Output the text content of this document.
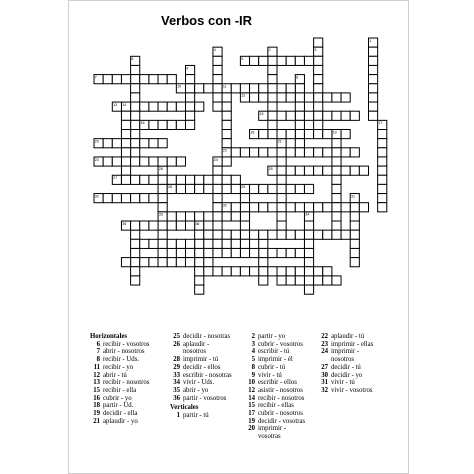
Verbos con -IR
1
2	3
4
5
6
7	8
9
10	11
12
13 14
15
16	17
18	19
20	21
22
23	24
25
26
27
28	29
30	31
32
33	34
35	36
Horizontales
6 recibir - vosotros
7 abrir - nosotros
8 recibir - Uds.
11 recibir - yo
12 abrir - tú
13 recibir - nosotros
15 recibir - ella
16 cubrir - yo
18 partir - Ud.
19 decidir - ella
21 aplaudir - yo
25 decidir - nosotras
26 aplaudir -
nosotros
28 imprimir - tú
29 decidir - ellos
33 escribir - nosotras
34 vivir - Uds.
35 abrir - yo
36 partir - vosotros
Verticales
1 partir - tú
2 partir - yo
3 cubrir - vosotros
4 escribir - tú
5 imprimir - él
8 cubrir - tú
9 vivir - tú
10 escribir - ellos
12 asistir - nosotros
14 recibir - nosotros
15 recibir - ellas
17 cubrir - nosotros
19 decidir - vosotras
20 imprimir -
vosotras
22 aplaudir - tú
23 imprimir - ellas
24 imprimir -
nosotros
27 decidir - tú
30 decidir - yo
31 vivir - tú
32 vivir - vosotros
